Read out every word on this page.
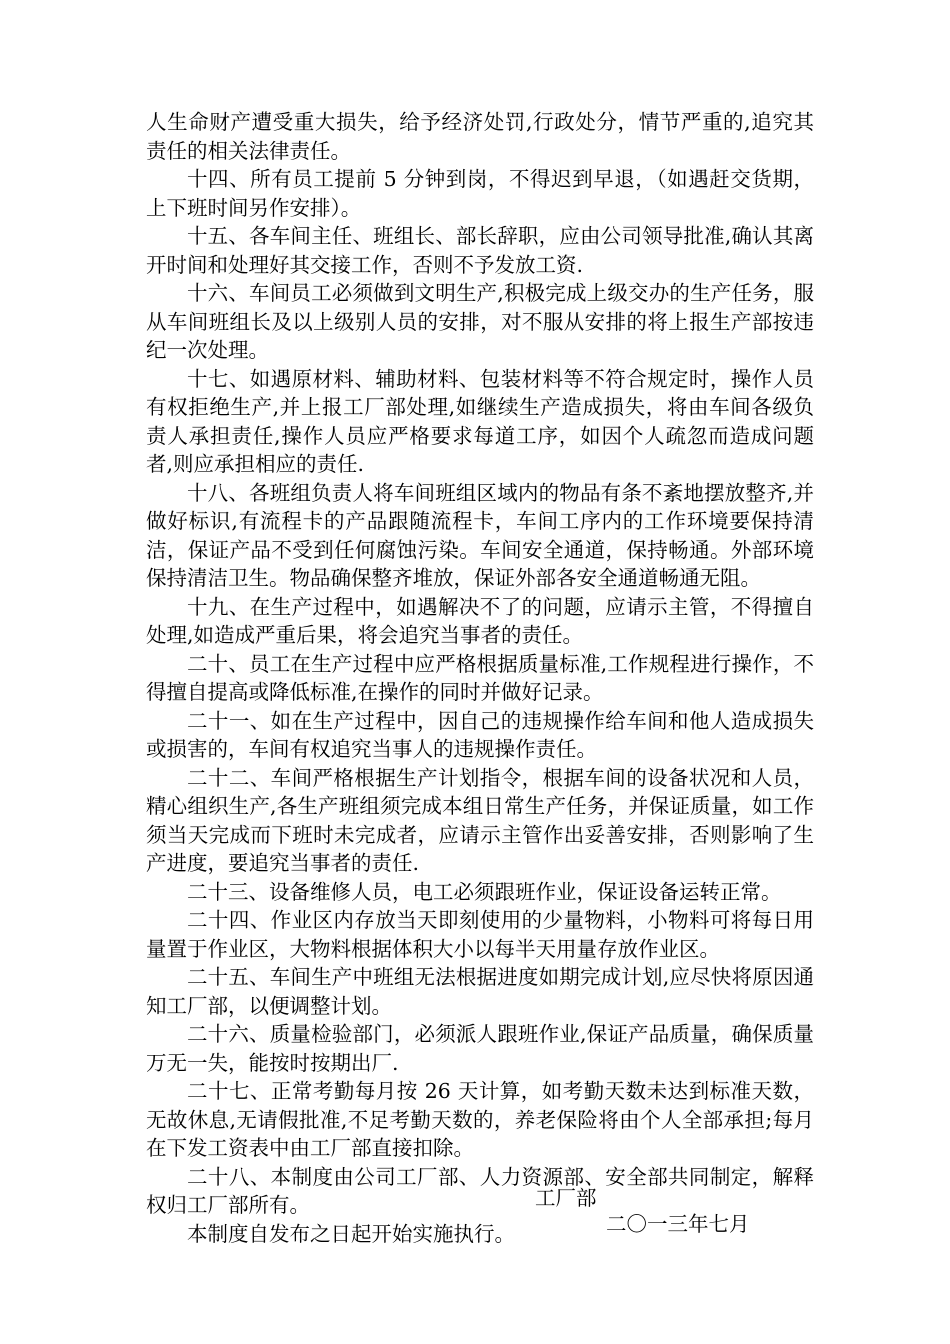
人生命财产遭受重大损失，给予经济处罚,行政处分，情节严重的,追究其责任的相关法律责任。

十四、所有员工提前 5 分钟到岗，不得迟到早退，（如遇赶交货期，上下班时间另作安排）。

十五、各车间主任、班组长、部长辞职，应由公司领导批准,确认其离开时间和处理好其交接工作，否则不予发放工资.

十六、车间员工必须做到文明生产,积极完成上级交办的生产任务，服从车间班组长及以上级别人员的安排，对不服从安排的将上报生产部按违纪一次处理。

十七、如遇原材料、辅助材料、包装材料等不符合规定时，操作人员有权拒绝生产,并上报工厂部处理,如继续生产造成损失，将由车间各级负责人承担责任,操作人员应严格要求每道工序，如因个人疏忽而造成问题者,则应承担相应的责任.

十八、各班组负责人将车间班组区域内的物品有条不紊地摆放整齐,并做好标识,有流程卡的产品跟随流程卡，车间工序内的工作环境要保持清洁，保证产品不受到任何腐蚀污染。车间安全通道，保持畅通。外部环境保持清洁卫生。物品确保整齐堆放，保证外部各安全通道畅通无阻。

十九、在生产过程中，如遇解决不了的问题，应请示主管，不得擅自处理,如造成严重后果，将会追究当事者的责任。

二十、员工在生产过程中应严格根据质量标准,工作规程进行操作，不得擅自提高或降低标准,在操作的同时并做好记录。

二十一、如在生产过程中，因自己的违规操作给车间和他人造成损失或损害的，车间有权追究当事人的违规操作责任。

二十二、车间严格根据生产计划指令，根据车间的设备状况和人员，精心组织生产,各生产班组须完成本组日常生产任务，并保证质量，如工作须当天完成而下班时未完成者，应请示主管作出妥善安排，否则影响了生产进度，要追究当事者的责任.

二十三、设备维修人员，电工必须跟班作业，保证设备运转正常。

二十四、作业区内存放当天即刻使用的少量物料，小物料可将每日用量置于作业区，大物料根据体积大小以每半天用量存放作业区。

二十五、车间生产中班组无法根据进度如期完成计划,应尽快将原因通知工厂部，以便调整计划。

二十六、质量检验部门，必须派人跟班作业,保证产品质量，确保质量万无一失，能按时按期出厂.

二十七、正常考勤每月按 26 天计算，如考勤天数未达到标准天数，无故休息,无请假批准,不足考勤天数的，养老保险将由个人全部承担;每月在下发工资表中由工厂部直接扣除。

二十八、本制度由公司工厂部、人力资源部、安全部共同制定，解释权归工厂部所有。

本制度自发布之日起开始实施执行。

工厂部
二〇一三年七月
